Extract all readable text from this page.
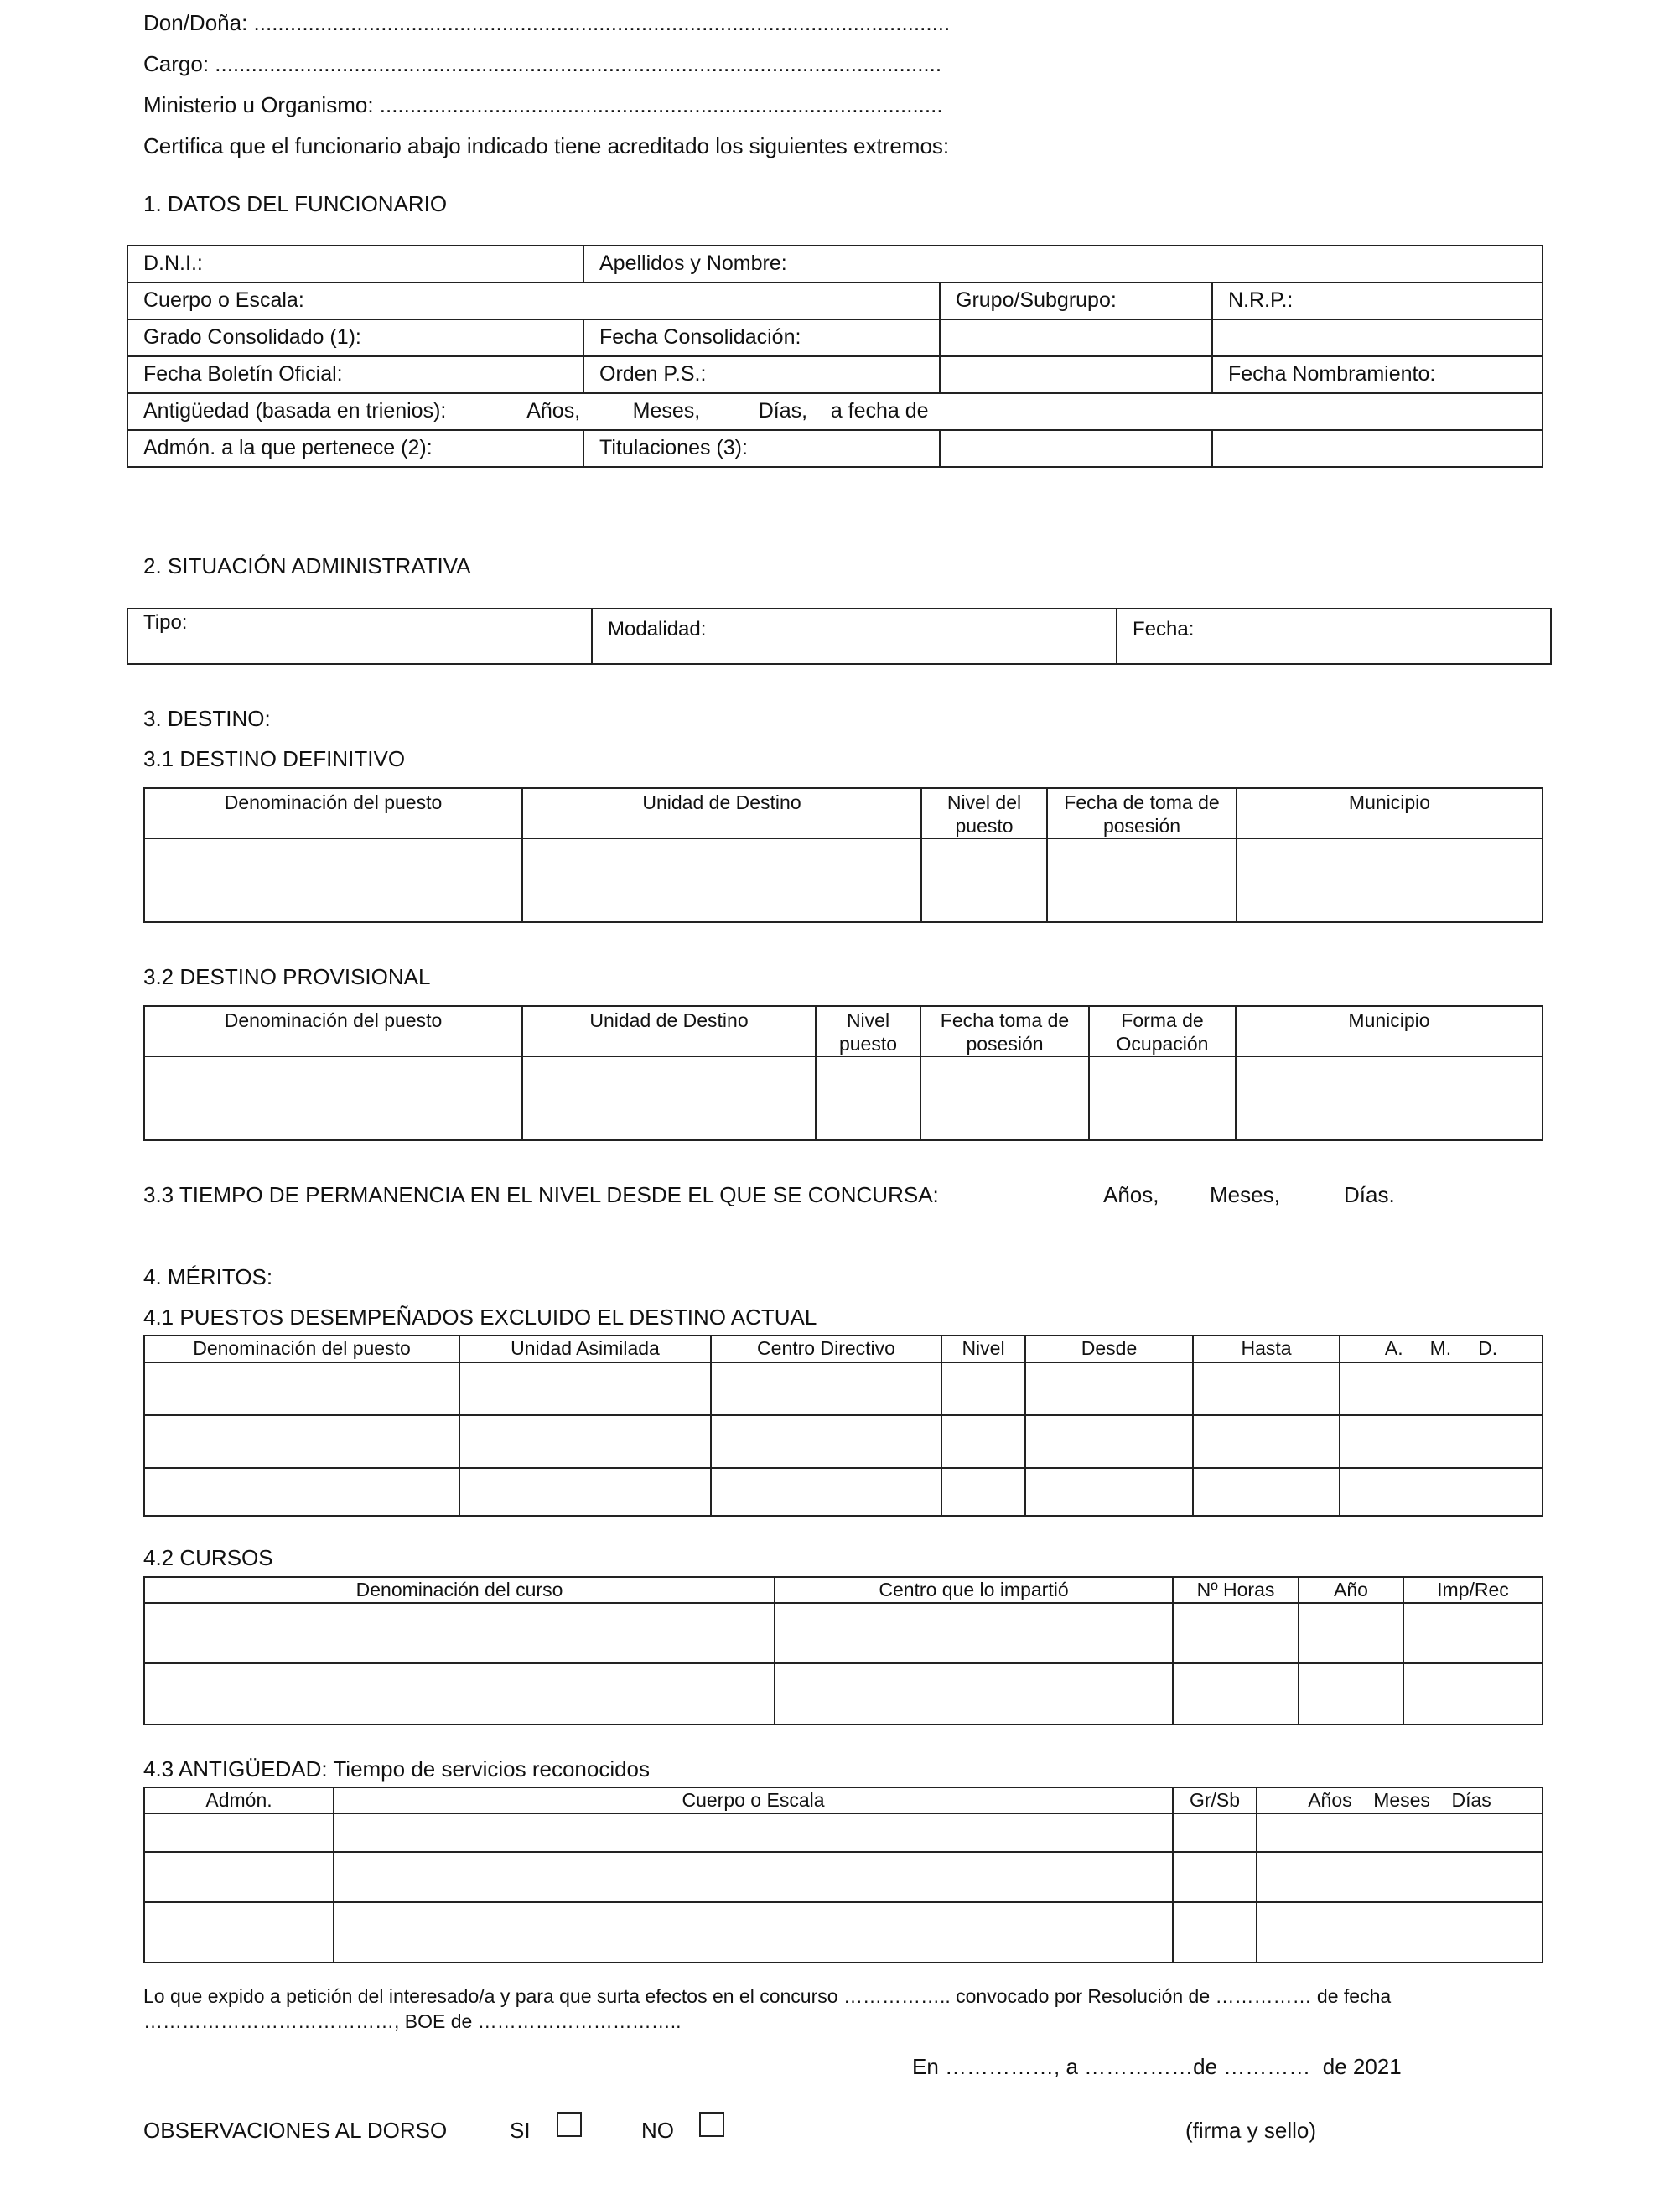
Don/Doña: ...................................................................................................................
Cargo: ........................................................................................................................
Ministerio u Organismo: .............................................................................................
Certifica que el funcionario abajo indicado tiene acreditado los siguientes extremos:
1. DATOS DEL FUNCIONARIO
D.N.I.:	Apellidos y Nombre:		
Cuerpo o Escala:		Grupo/Subgrupo:	N.R.P.:
Grado Consolidado (1):	Fecha Consolidación:		
Fecha Boletín Oficial:	Orden P.S.:		Fecha Nombramiento:
Antigüedad (basada en trienios):              Años,         Meses,          Días,    a fecha de			
Admón. a la que pertenece (2):	Titulaciones (3):		
2. SITUACIÓN ADMINISTRATIVA
Tipo:	Modalidad:	Fecha:
3. DESTINO:
3.1 DESTINO DEFINITIVO
Denominación del puesto	Unidad de Destino	Nivel del puesto	Fecha de toma de posesión	Municipio

3.2 DESTINO PROVISIONAL
Denominación del puesto	Unidad de Destino	Nivel puesto	Fecha toma de posesión	Forma de Ocupación	Municipio

3.3 TIEMPO DE PERMANENCIA EN EL NIVEL DESDE EL QUE SE CONCURSA:	Años, Meses,	Días.
4. MÉRITOS:
4.1 PUESTOS DESEMPEÑADOS EXCLUIDO EL DESTINO ACTUAL
Denominación del puesto	Unidad Asimilada	Centro Directivo	Nivel	Desde	Hasta	A.     M.     D.

4.2 CURSOS
Denominación del curso	Centro que lo impartió	Nº Horas	Año	Imp/Rec

4.3 ANTIGÜEDAD: Tiempo de servicios reconocidos
Admón.	Cuerpo o Escala	Gr/Sb	Años    Meses    Días

Lo que expido a petición del interesado/a y para que surta efectos en el concurso …………….. convocado por Resolución de …………… de fecha …………………………………, BOE de …………………………..
En ……………, a ……………de …………  de 2021
OBSERVACIONES AL DORSO	SI	NO	(firma y sello)
